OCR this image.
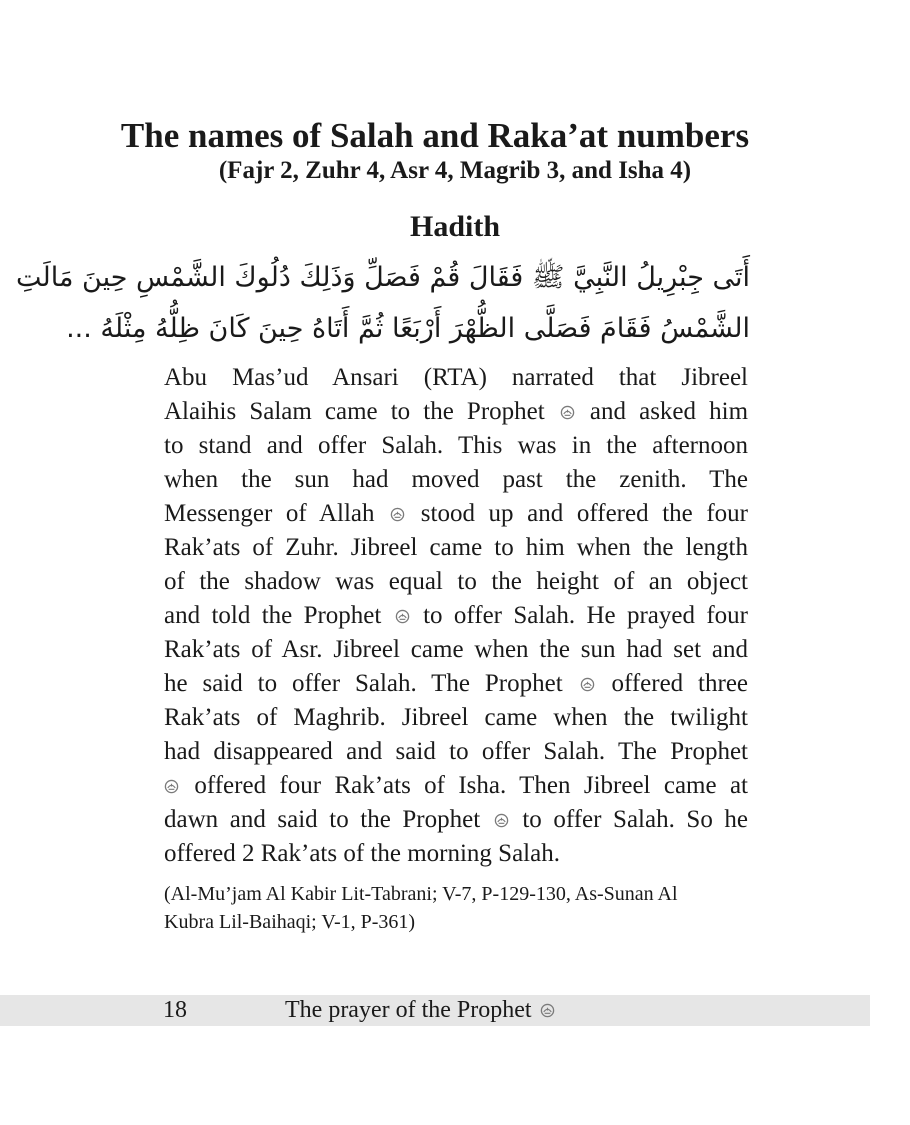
The names of Salah and Raka’at numbers
(Fajr 2, Zuhr 4, Asr 4, Magrib 3, and Isha 4)
Hadith
أَتَى جِبْرِيلُ النَّبِيَّ ﷺ فَقَالَ قُمْ فَصَلِّ وَذَلِكَ دُلُوكَ الشَّمْسِ حِينَ مَالَتِ
الشَّمْسُ فَقَامَ فَصَلَّى الظُّهْرَ أَرْبَعًا ثُمَّ أَتَاهُ حِينَ كَانَ ظِلُّهُ مِثْلَهُ ...
Abu Mas’ud Ansari (RTA) narrated that Jibreel
Alaihis Salam came to the Prophet and asked him
to stand and offer Salah. This was in the afternoon
when the sun had moved past the zenith. The
Messenger of Allah stood up and offered the four
Rak’ats of Zuhr. Jibreel came to him when the length
of the shadow was equal to the height of an object
and told the Prophet to offer Salah. He prayed four
Rak’ats of Asr. Jibreel came when the sun had set and
he said to offer Salah. The Prophet offered three
Rak’ats of Maghrib. Jibreel came when the twilight
had disappeared and said to offer Salah. The Prophet
offered four Rak’ats of Isha. Then Jibreel came at
dawn and said to the Prophet to offer Salah. So he
offered 2 Rak’ats of the morning Salah.
(Al-Mu’jam Al Kabir Lit-Tabrani; V-7, P-129-130, As-Sunan Al
Kubra Lil-Baihaqi; V-1, P-361)
18	The prayer of the Prophet
